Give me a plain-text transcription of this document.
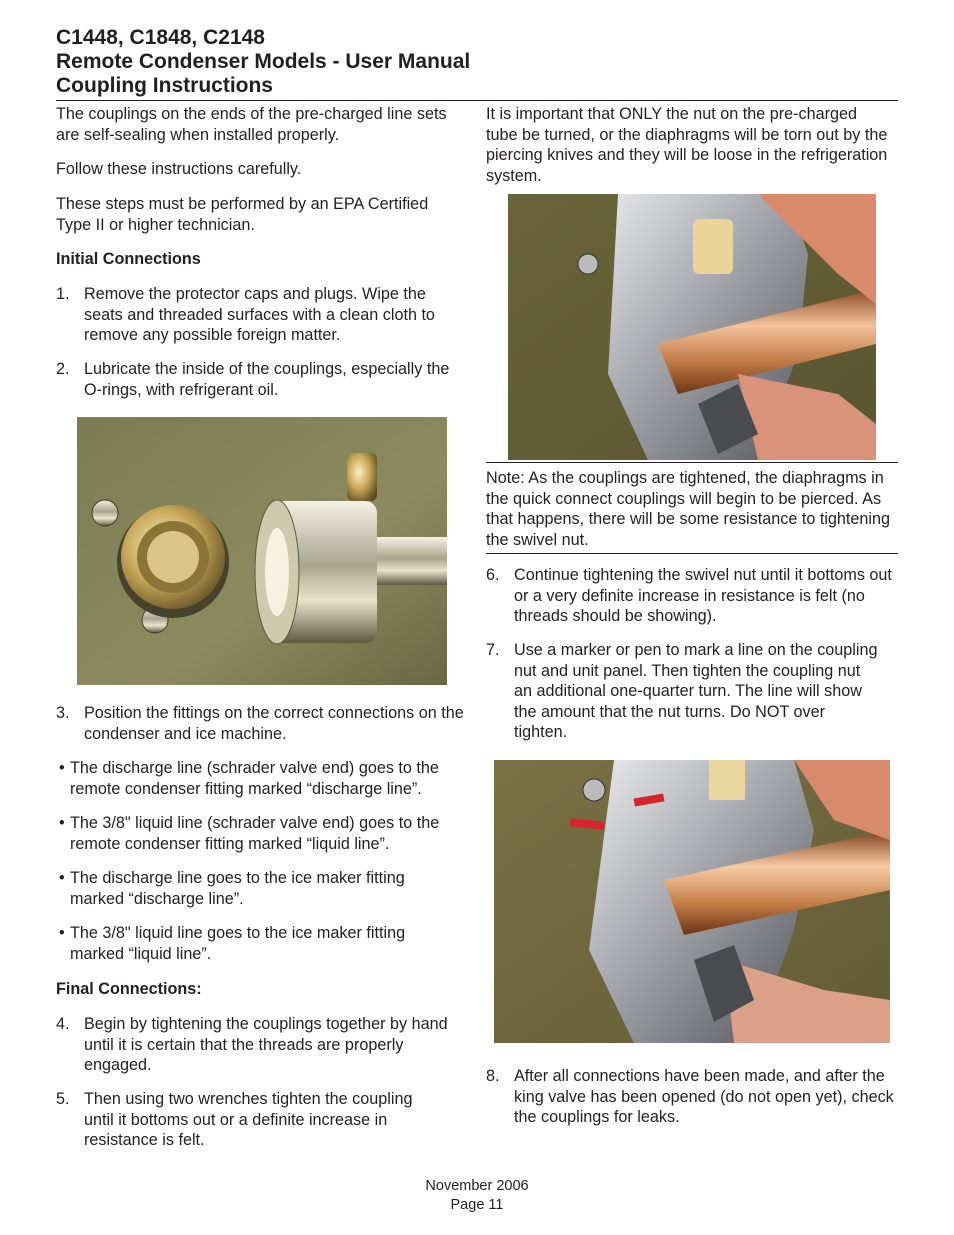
C1448, C1848, C2148

Remote Condenser Models - User Manual

Coupling Instructions

The couplings on the ends of the pre-charged line sets are self-sealing when installed properly.

Follow these instructions carefully.

These steps must be performed by an EPA Certified Type II or higher technician.

Initial Connections

1. Remove the protector caps and plugs. Wipe the seats and threaded surfaces with a clean cloth to remove any possible foreign matter.

2. Lubricate the inside of the couplings, especially the O-rings, with refrigerant oil.

3. Position the fittings on the correct connections on the condenser and ice machine.

• The discharge line (schrader valve end) goes to the remote condenser fitting marked “discharge line”.

• The 3/8" liquid line (schrader valve end) goes to the remote condenser fitting marked “liquid line”.

• The discharge line goes to the ice maker fitting marked “discharge line”.

• The 3/8" liquid line goes to the ice maker fitting marked “liquid line”.

Final Connections:

4. Begin by tightening the couplings together by hand until it is certain that the threads are properly engaged.

5. Then using two wrenches tighten the coupling until it bottoms out or a definite increase in resistance is felt.

It is important that ONLY the nut on the pre-charged tube be turned, or the diaphragms will be torn out by the piercing knives and they will be loose in the refrigeration system.

Note: As the couplings are tightened, the diaphragms in the quick connect couplings will begin to be pierced. As that happens, there will be some resistance to tightening the swivel nut.

6. Continue tightening the swivel nut until it bottoms out or a very definite increase in resistance is felt (no threads should be showing).

7. Use a marker or pen to mark a line on the coupling nut and unit panel. Then tighten the coupling nut an additional one-quarter turn. The line will show the amount that the nut turns. Do NOT over tighten.

8. After all connections have been made, and after the king valve has been opened (do not open yet), check the couplings for leaks.

November 2006
Page 11
